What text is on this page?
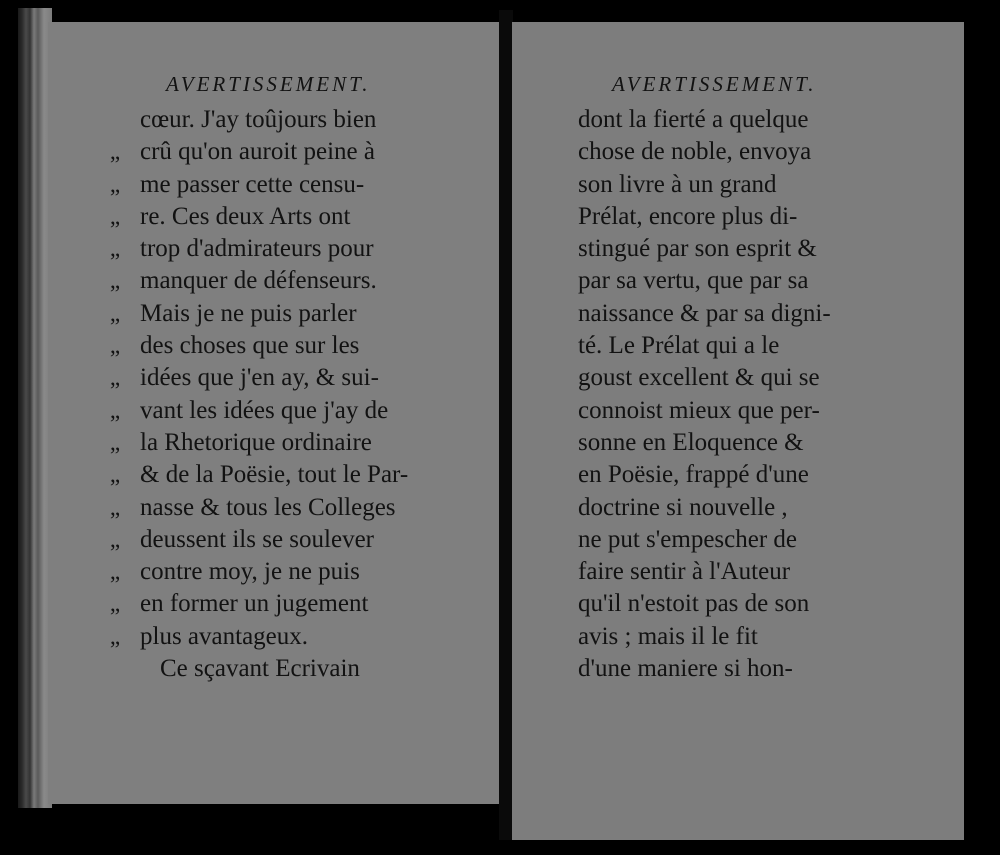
AVERTISSEMENT.
cœur. J'ay toûjours bien
,, crû qu'on auroit peine à
,, me passer cette censu-
,, re. Ces deux Arts ont
,, trop d'admirateurs pour
,, manquer de défenseurs.
,, Mais je ne puis parler
,, des choses que sur les
,, idées que j'en ay, & sui-
,, vant les idées que j'ay de
,, la Rhetorique ordinaire
,, & de la Poësie, tout le Par-
,, nasse & tous les Colleges
,, deussent ils se soulever
,, contre moy, je ne puis
,, en former un jugement
,, plus avantageux.
Ce sçavant Ecrivain
AVERTISSEMENT.
dont la fierté a quelque
chose de noble, envoya
son livre à un grand
Prélat, encore plus di-
stingué par son esprit &
par sa vertu, que par sa
naissance & par sa digni-
té. Le Prélat qui a le
goust excellent & qui se
connoist mieux que per-
sonne en Eloquence &
en Poësie, frappé d'une
doctrine si nouvelle ,
ne put s'empescher de
faire sentir à l'Auteur
qu'il n'estoit pas de son
avis ; mais il le fit
d'une maniere si hon-
